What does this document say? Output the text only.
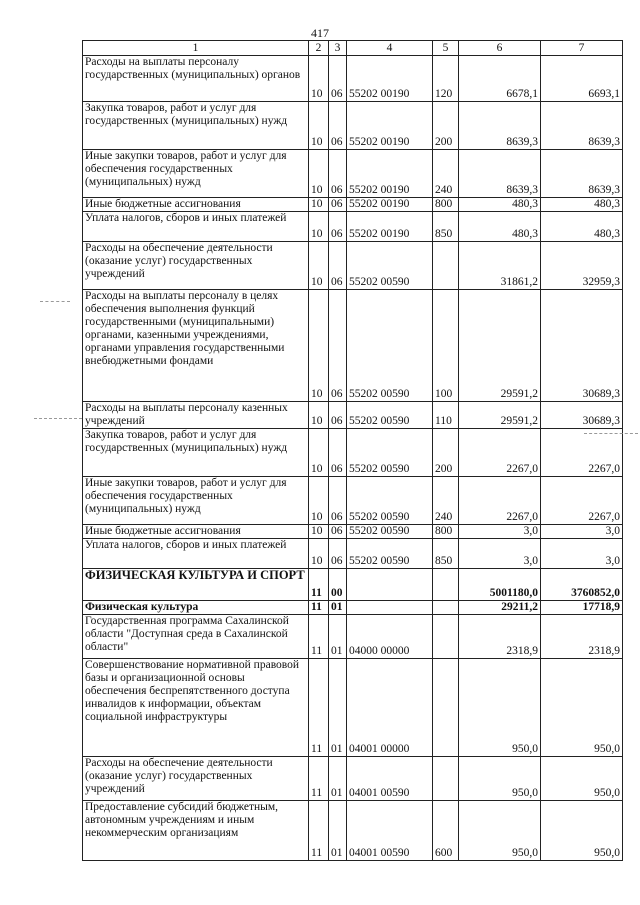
417
1	2	3	4	5	6	7
Расходы на выплаты персоналу государственных (муниципальных) органов	10	06	55202 00190	120	6678,1	6693,1
Закупка товаров, работ и услуг для государственных (муниципальных) нужд	10	06	55202 00190	200	8639,3	8639,3
Иные закупки товаров, работ и услуг для обеспечения государственных (муниципальных) нужд	10	06	55202 00190	240	8639,3	8639,3
Иные бюджетные ассигнования	10	06	55202 00190	800	480,3	480,3
Уплата налогов, сборов и иных платежей	10	06	55202 00190	850	480,3	480,3
Расходы на обеспечение деятельности (оказание услуг) государственных учреждений	10	06	55202 00590		31861,2	32959,3
Расходы на выплаты персоналу в целях обеспечения выполнения функций государственными (муниципальными) органами, казенными учреждениями, органами управления государственными внебюджетными фондами	10	06	55202 00590	100	29591,2	30689,3
Расходы на выплаты персоналу казенных учреждений	10	06	55202 00590	110	29591,2	30689,3
Закупка товаров, работ и услуг для государственных (муниципальных) нужд	10	06	55202 00590	200	2267,0	2267,0
Иные закупки товаров, работ и услуг для обеспечения государственных (муниципальных) нужд	10	06	55202 00590	240	2267,0	2267,0
Иные бюджетные ассигнования	10	06	55202 00590	800	3,0	3,0
Уплата налогов, сборов и иных платежей	10	06	55202 00590	850	3,0	3,0
ФИЗИЧЕСКАЯ КУЛЬТУРА И СПОРТ	11	00			5001180,0	3760852,0
Физическая культура	11	01			29211,2	17718,9
Государственная программа Сахалинской области "Доступная среда в Сахалинской области"	11	01	04000 00000		2318,9	2318,9
Совершенствование нормативной правовой базы и организационной основы обеспечения беспрепятственного доступа инвалидов к информации, объектам социальной инфраструктуры	11	01	04001 00000		950,0	950,0
Расходы на обеспечение деятельности (оказание услуг) государственных учреждений	11	01	04001 00590		950,0	950,0
Предоставление субсидий бюджетным, автономным учреждениям и иным некоммерческим организациям	11	01	04001 00590	600	950,0	950,0
